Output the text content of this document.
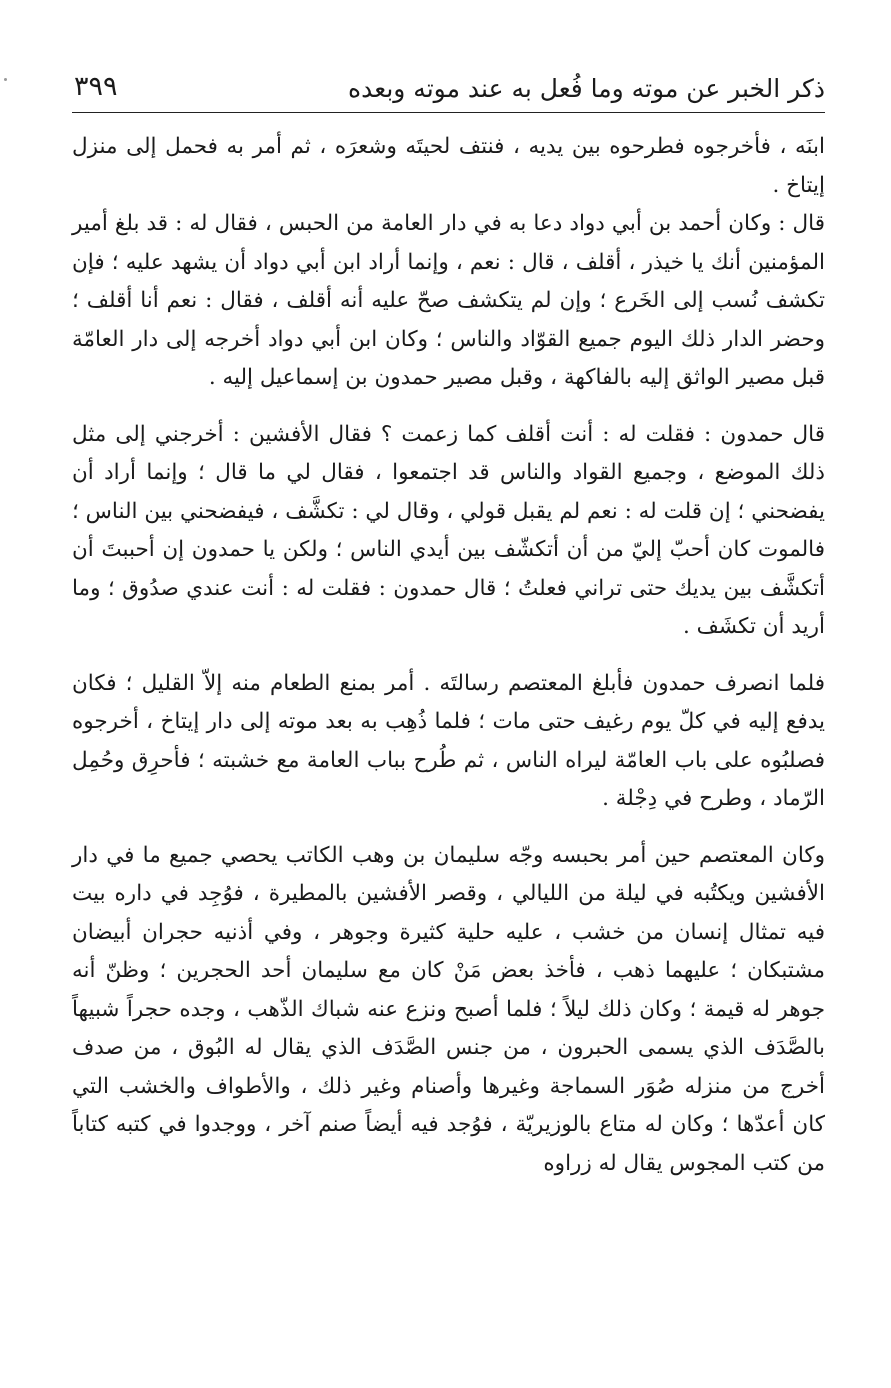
ذكر الخبر عن موته وما فُعل به عند موته وبعده
٣٩٩

ابنَه ، فأخرجوه فطرحوه بين يديه ، فنتف لحيتَه وشعرَه ، ثم أمر به فحمل إلى منزل إيتاخ .

قال : وكان أحمد بن أبي دواد دعا به في دار العامة من الحبس ، فقال له : قد بلغ أمير المؤمنين أنك يا خيذر ، أقلف ، قال : نعم ، وإنما أراد ابن أبي دواد أن يشهد عليه ؛ فإن تكشف نُسب إلى الخَرع ؛ وإن لم يتكشف صحّ عليه أنه أقلف ، فقال : نعم أنا أقلف ؛ وحضر الدار ذلك اليوم جميع القوّاد والناس ؛ وكان ابن أبي دواد أخرجه إلى دار العامّة قبل مصير الواثق إليه بالفاكهة ، وقبل مصير حمدون بن إسماعيل إليه .

قال حمدون : فقلت له : أنت أقلف كما زعمت ؟ فقال الأفشين : أخرجني إلى مثل ذلك الموضع ، وجميع القواد والناس قد اجتمعوا ، فقال لي ما قال ؛ وإنما أراد أن يفضحني ؛ إن قلت له : نعم لم يقبل قولي ، وقال لي : تكشَّف ، فيفضحني بين الناس ؛ فالموت كان أحبّ إليّ من أن أتكشّف بين أيدي الناس ؛ ولكن يا حمدون إن أحببتَ أن أتكشَّف بين يديك حتى تراني فعلتُ ؛ قال حمدون : فقلت له : أنت عندي صدُوق ؛ وما أريد أن تكشَف .

فلما انصرف حمدون فأبلغ المعتصم رسالتَه . أمر بمنع الطعام منه إلاّ القليل ؛ فكان يدفع إليه في كلّ يوم رغيف حتى مات ؛ فلما ذُهِب به بعد موته إلى دار إيتاخ ، أخرجوه فصلبُوه على باب العامّة ليراه الناس ، ثم طُرح بباب العامة مع خشبته ؛ فأحرِق وحُمِل الرّماد ، وطرح في دِجْلة .

وكان المعتصم حين أمر بحبسه وجّه سليمان بن وهب الكاتب يحصي جميع ما في دار الأفشين ويكتُبه في ليلة من الليالي ، وقصر الأفشين بالمطيرة ، فوُجِد في داره بيت فيه تمثال إنسان من خشب ، عليه حلية كثيرة وجوهر ، وفي أذنيه حجران أبيضان مشتبكان ؛ عليهما ذهب ، فأخذ بعض مَنْ كان مع سليمان أحد الحجرين ؛ وظنّ أنه جوهر له قيمة ؛ وكان ذلك ليلاً ؛ فلما أصبح ونزع عنه شباك الذّهب ، وجده حجراً شبيهاً بالصَّدَف الذي يسمى الحبرون ، من جنس الصَّدَف الذي يقال له البُوق ، من صدف أخرج من منزله صُوَر السماجة وغيرها وأصنام وغير ذلك ، والأطواف والخشب التي كان أعدّها ؛ وكان له متاع بالوزيريّة ، فوُجد فيه أيضاً صنم آخر ، ووجدوا في كتبه كتاباً من كتب المجوس يقال له زراوه
